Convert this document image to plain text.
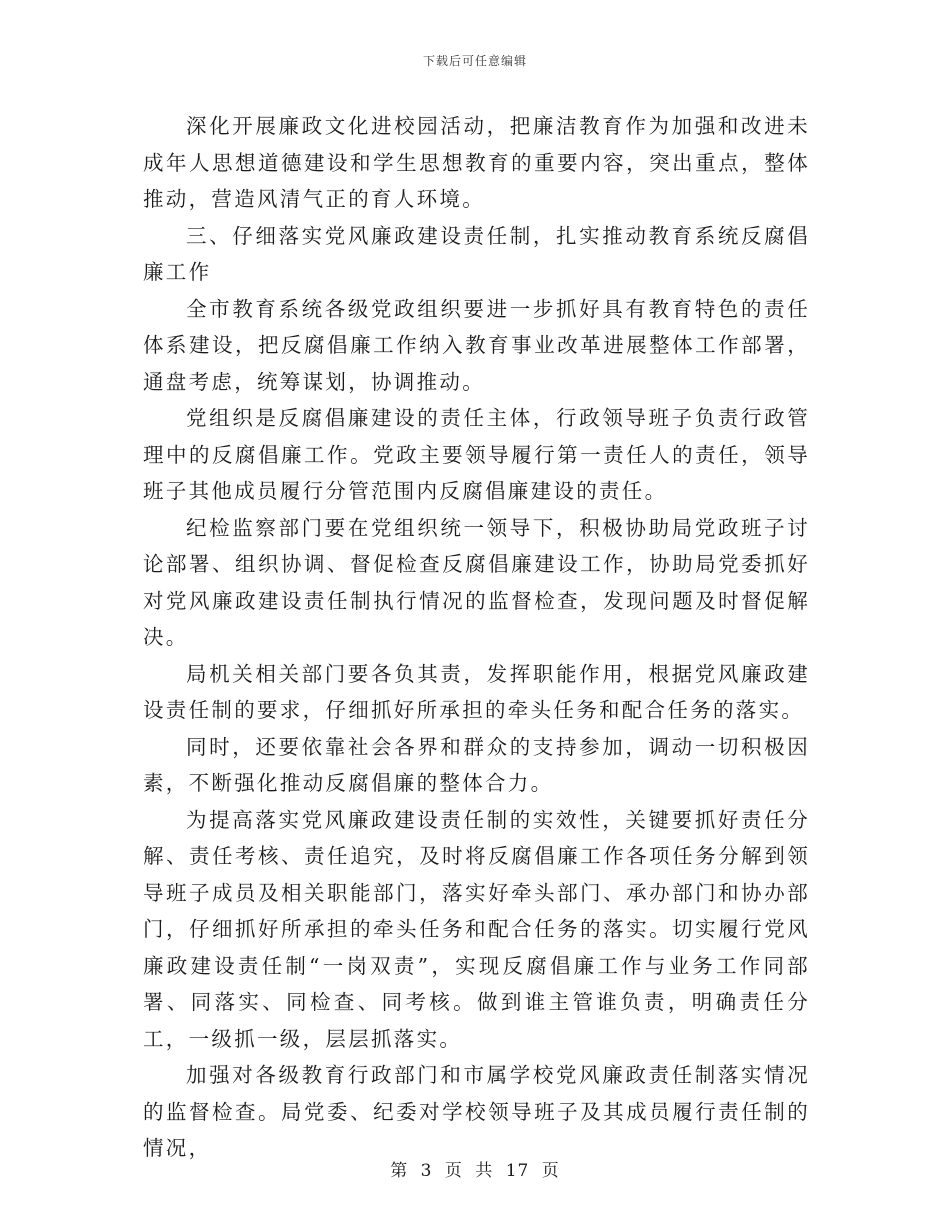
下载后可任意编辑

深化开展廉政文化进校园活动，把廉洁教育作为加强和改进未成年人思想道德建设和学生思想教育的重要内容，突出重点，整体推动，营造风清气正的育人环境。

三、仔细落实党风廉政建设责任制，扎实推动教育系统反腐倡廉工作

全市教育系统各级党政组织要进一步抓好具有教育特色的责任体系建设，把反腐倡廉工作纳入教育事业改革进展整体工作部署，通盘考虑，统筹谋划，协调推动。

党组织是反腐倡廉建设的责任主体，行政领导班子负责行政管理中的反腐倡廉工作。党政主要领导履行第一责任人的责任，领导班子其他成员履行分管范围内反腐倡廉建设的责任。

纪检监察部门要在党组织统一领导下，积极协助局党政班子讨论部署、组织协调、督促检查反腐倡廉建设工作，协助局党委抓好对党风廉政建设责任制执行情况的监督检查，发现问题及时督促解决。

局机关相关部门要各负其责，发挥职能作用，根据党风廉政建设责任制的要求，仔细抓好所承担的牵头任务和配合任务的落实。

同时，还要依靠社会各界和群众的支持参加，调动一切积极因素，不断强化推动反腐倡廉的整体合力。

为提高落实党风廉政建设责任制的实效性，关键要抓好责任分解、责任考核、责任追究，及时将反腐倡廉工作各项任务分解到领导班子成员及相关职能部门，落实好牵头部门、承办部门和协办部门，仔细抓好所承担的牵头任务和配合任务的落实。切实履行党风廉政建设责任制“一岗双责”，实现反腐倡廉工作与业务工作同部署、同落实、同检查、同考核。做到谁主管谁负责，明确责任分工，一级抓一级，层层抓落实。

加强对各级教育行政部门和市属学校党风廉政责任制落实情况的监督检查。局党委、纪委对学校领导班子及其成员履行责任制的情况，

第 3 页 共 17 页
